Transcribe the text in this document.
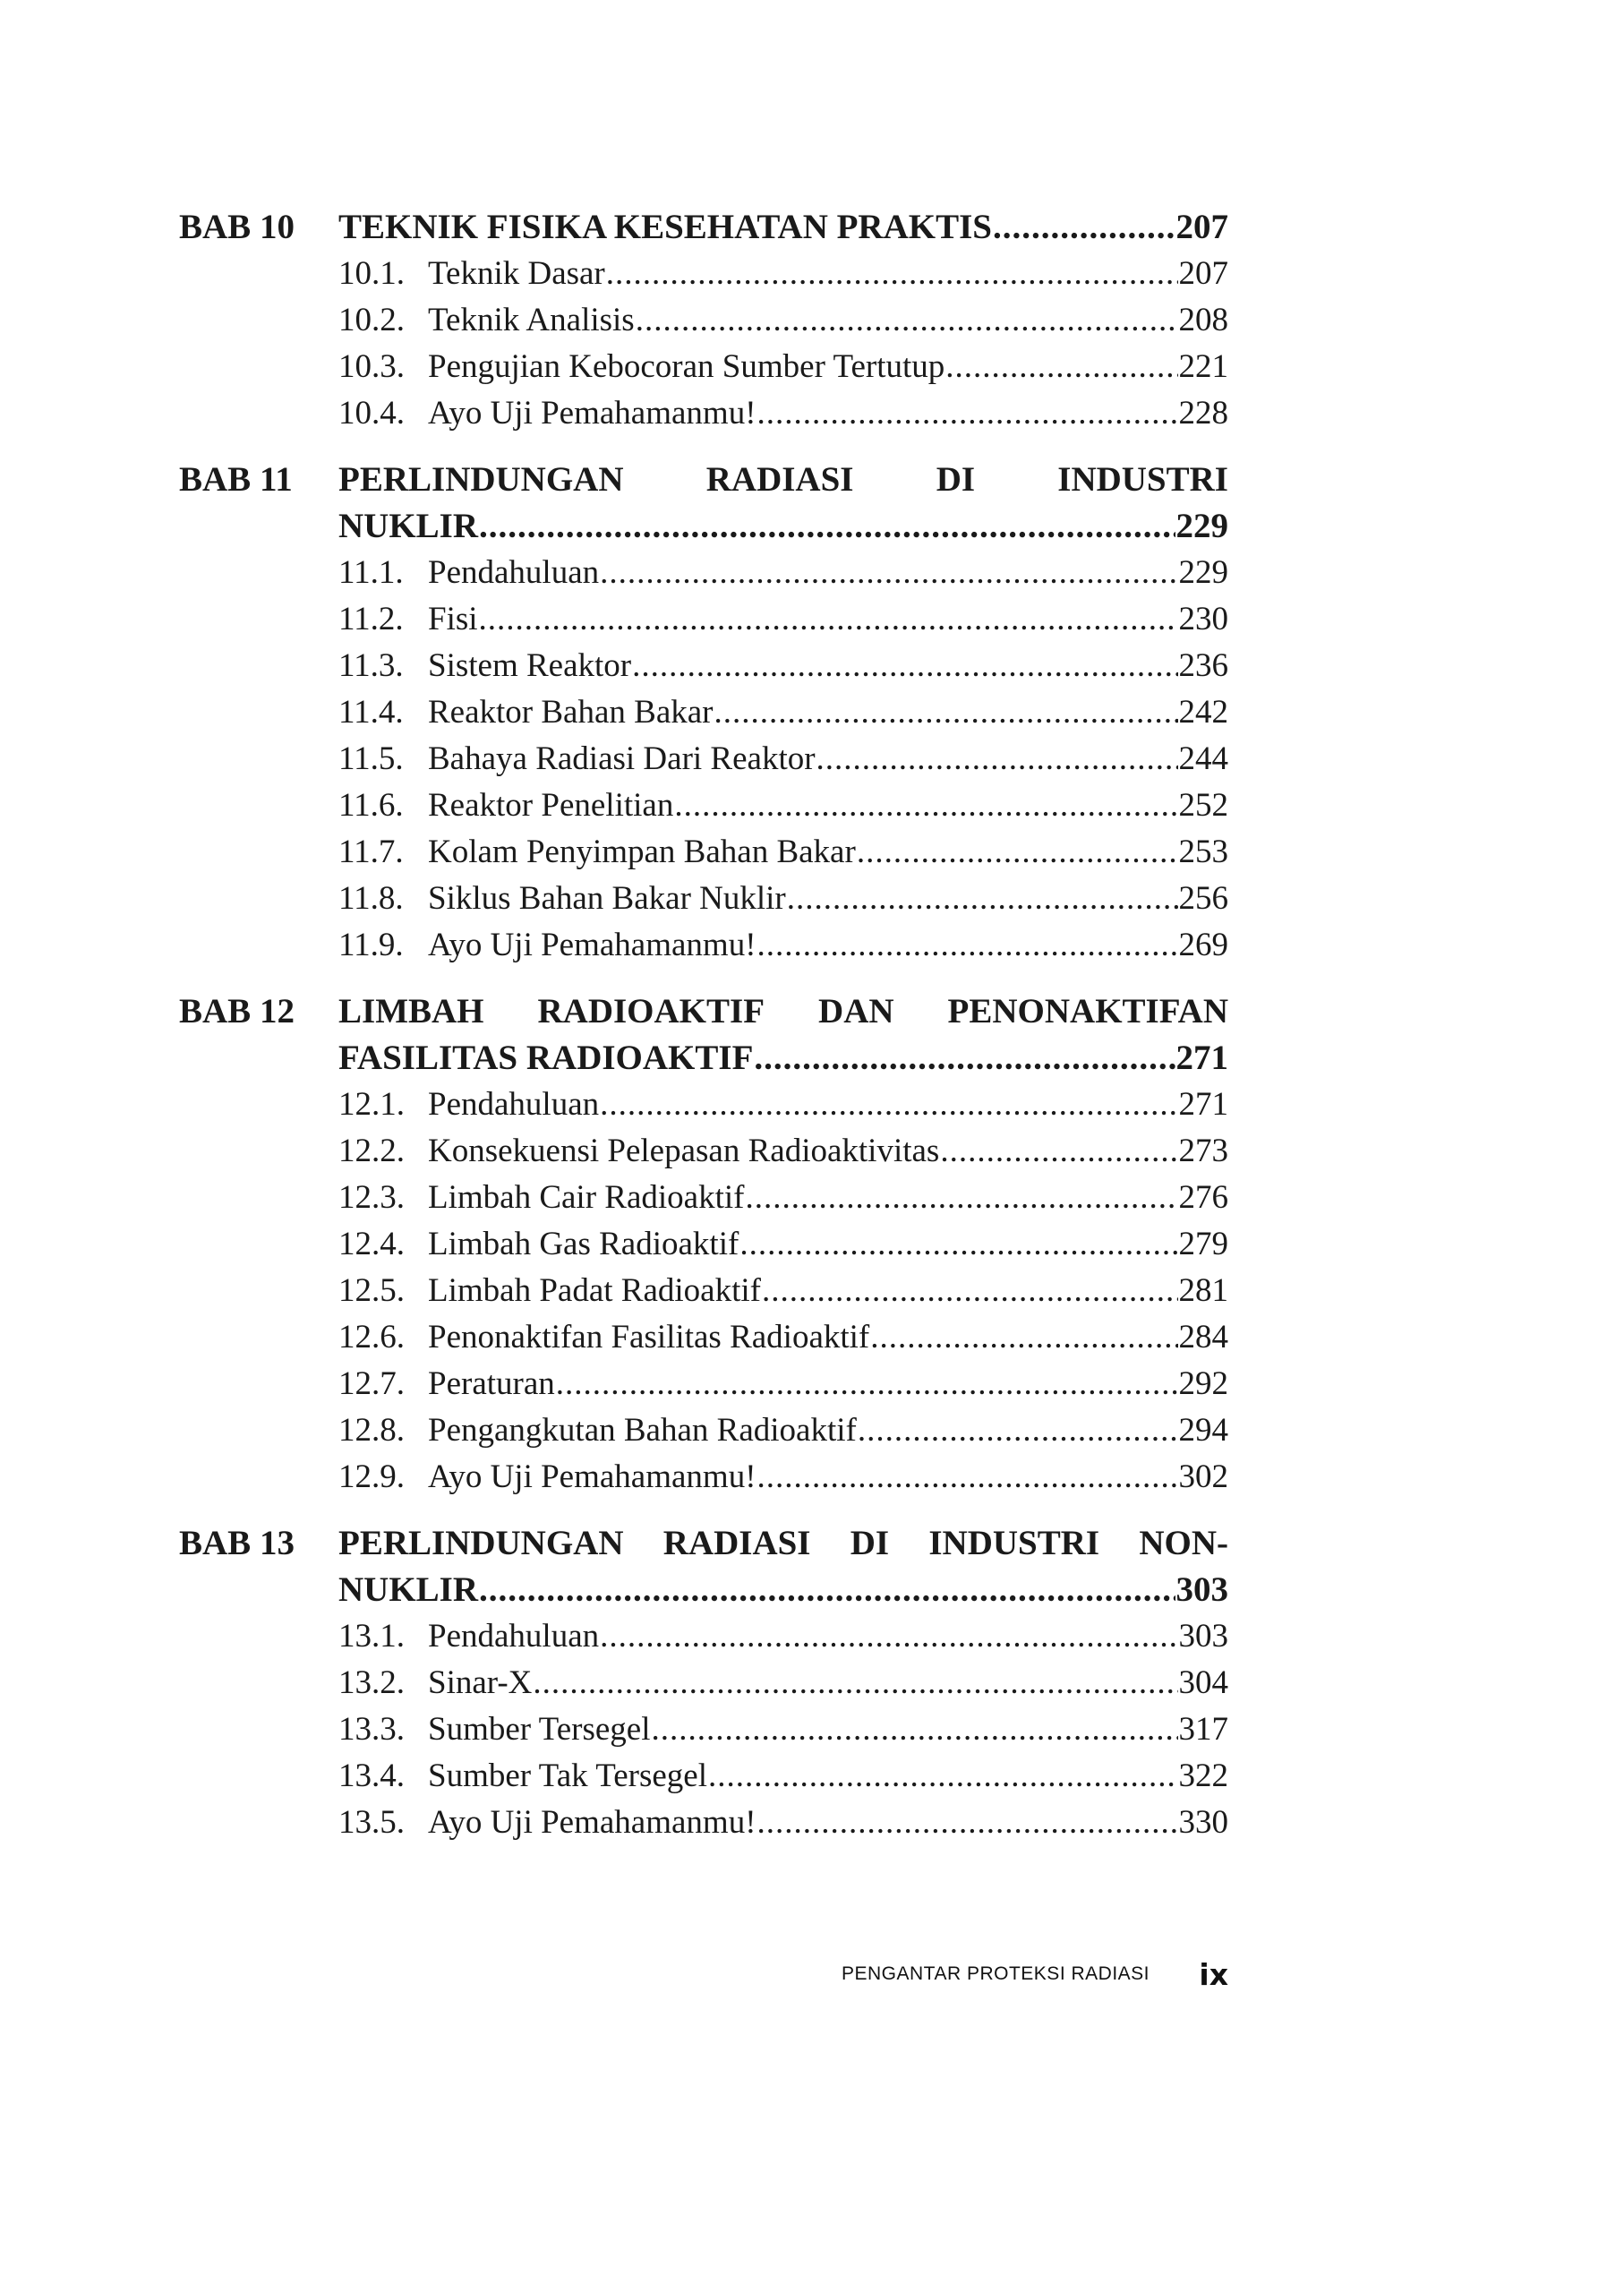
BAB 10 TEKNIK FISIKA KESEHATAN PRAKTIS .....	207
10.1. Teknik Dasar .....	207
10.2. Teknik Analisis .....	208
10.3. Pengujian Kebocoran Sumber Tertutup .....	221
10.4. Ayo Uji Pemahamanmu! .....	228
BAB 11 PERLINDUNGAN RADIASI DI INDUSTRI
NUKLIR .....	229
11.1. Pendahuluan .....	229
11.2. Fisi .....	230
11.3. Sistem Reaktor .....	236
11.4. Reaktor Bahan Bakar .....	242
11.5. Bahaya Radiasi Dari Reaktor .....	244
11.6. Reaktor Penelitian .....	252
11.7. Kolam Penyimpan Bahan Bakar .....	253
11.8. Siklus Bahan Bakar Nuklir .....	256
11.9. Ayo Uji Pemahamanmu! .....	269
BAB 12 LIMBAH RADIOAKTIF DAN PENONAKTIFAN
FASILITAS RADIOAKTIF .....	271
12.1. Pendahuluan .....	271
12.2. Konsekuensi Pelepasan Radioaktivitas .....	273
12.3. Limbah Cair Radioaktif .....	276
12.4. Limbah Gas Radioaktif .....	279
12.5. Limbah Padat Radioaktif .....	281
12.6. Penonaktifan Fasilitas Radioaktif .....	284
12.7. Peraturan .....	292
12.8. Pengangkutan Bahan Radioaktif .....	294
12.9. Ayo Uji Pemahamanmu! .....	302
BAB 13 PERLINDUNGAN RADIASI DI INDUSTRI NON-
NUKLIR .....	303
13.1. Pendahuluan .....	303
13.2. Sinar-X .....	304
13.3. Sumber Tersegel .....	317
13.4. Sumber Tak Tersegel .....	322
13.5. Ayo Uji Pemahamanmu! .....	330
PENGANTAR PROTEKSI RADIASI ix
